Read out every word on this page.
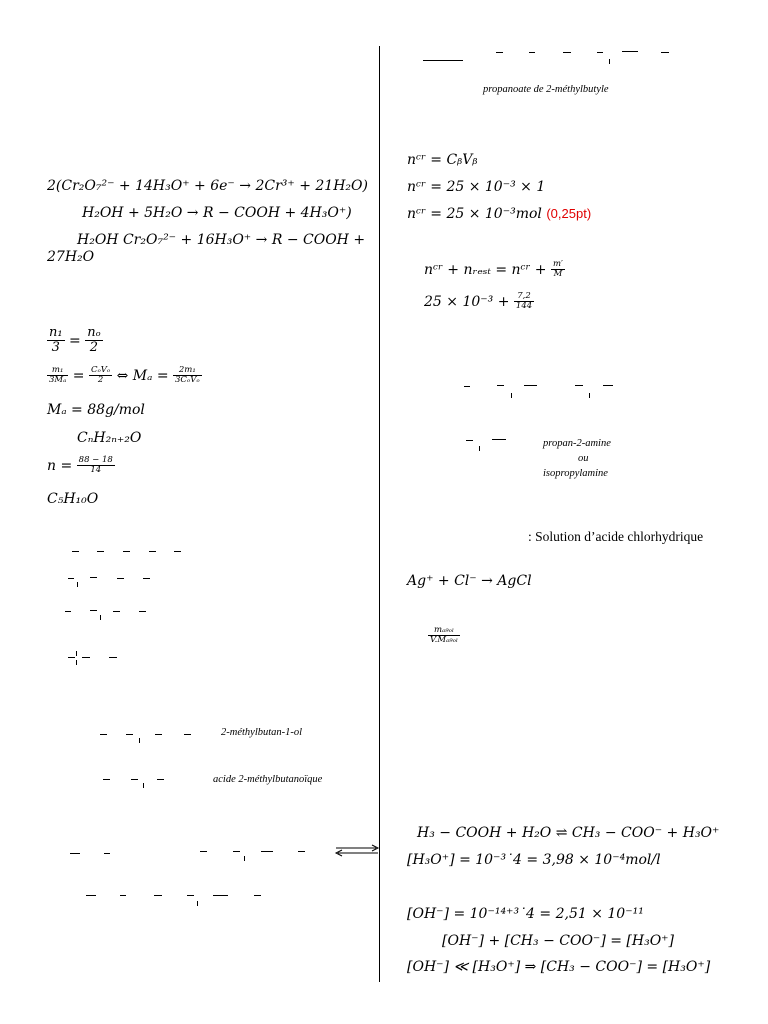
2(Cr₂O₇²⁻ + 14H₃O⁺ + 6e⁻ → 2Cr³⁺ + 21H₂O)
H₂OH + 5H₂O → R − COOH + 4H₃O⁺)
H₂OH Cr₂O₇²⁻ + 16H₃O⁺ → R − COOH +
27H₂O
$\frac{\text{n₁}}{3} = \frac{\text{nₒ}}{2}$
$\frac{\text{m₁}}{\text{3Mₐ}} = \frac{\text{CₒVₒ}}{2}$ ⇔ $M_a = \frac{\text{2m₁}}{\text{3CₒVₒ}}$
Mₐ = 88g/mol
CₙH₂ₙ₊₂O
$n = \frac{88 - 18}{14}$
C₅H₁₀O
2-méthylbutan-1-ol
acide 2-méthylbutanoïque
propanoate de 2-méthylbutyle
nᶜʳ = CᵦVᵦ
nᶜʳ = 25 × 10⁻³ × 1
nᶜʳ = 25 × 10⁻³mol (0,25pt)
nᶜʳ + nᵣₑₛₜ = nᶜʳ + $\frac{m'}{M}$
$25 \times 10^{-3} + \frac{7,2}{144}$
propan-2-amine
ou
isopropylamine
: Solution d’acide chlorhydrique
Ag⁺ + Cl⁻ → AgCl
$\frac{\text{mₐ₉ₒₗ}}{\text{V.Mₐ₉ₒₗ}}$
H₃ − COOH + H₂O ⇌ CH₃ − COO⁻ + H₃O⁺
[H₃O⁺] = 10⁻³˙4 = 3,98 × 10⁻⁴mol/l
[OH⁻] = 10⁻¹⁴⁺³˙4 = 2,51 × 10⁻¹¹
[OH⁻] + [CH₃ − COO⁻] = [H₃O⁺]
[OH⁻] ≪ [H₃O⁺] ⇒ [CH₃ − COO⁻] = [H₃O⁺]
